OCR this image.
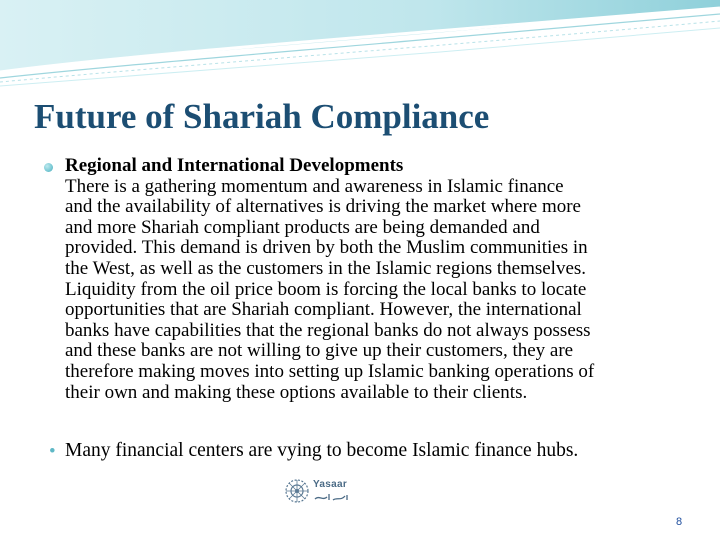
Future of Shariah Compliance
Regional and International Developments
There is a gathering momentum and awareness in Islamic finance
and the availability of alternatives is driving the market where more
and more Shariah compliant products are being demanded and
provided. This demand is driven by both the Muslim communities in
the West, as well as the customers in the Islamic regions themselves.
Liquidity from the oil price boom is forcing the local banks to locate
opportunities that are Shariah compliant. However, the international
banks have capabilities that the regional banks do not always possess
and these banks are not willing to give up their customers, they are
therefore making moves into setting up Islamic banking operations of
their own and making these options available to their clients.
• Many financial centers are vying to become Islamic finance hubs.
Yasaar
8
